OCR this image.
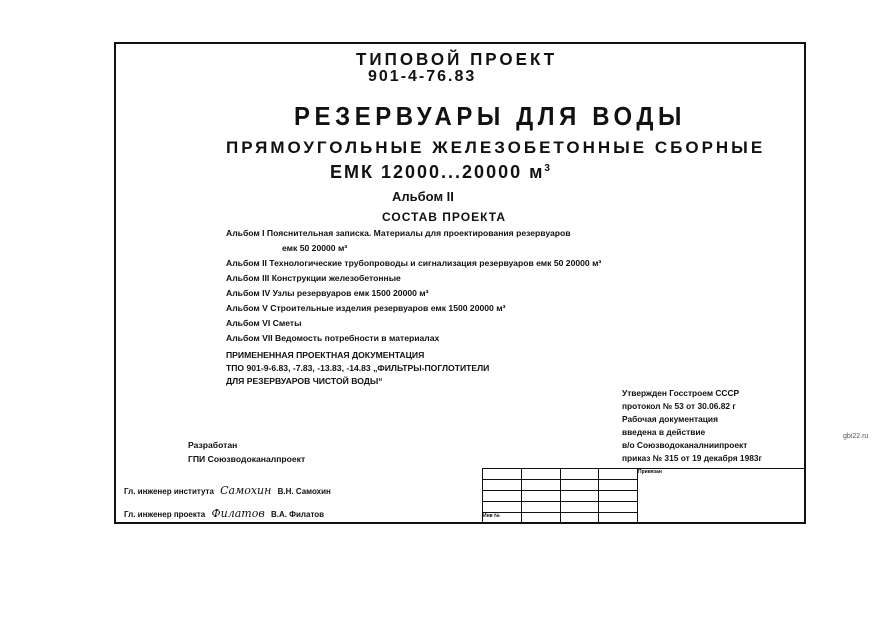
ТИПОВОЙ ПРОЕКТ
901-4-76.83
РЕЗЕРВУАРЫ ДЛЯ ВОДЫ
ПРЯМОУГОЛЬНЫЕ ЖЕЛЕЗОБЕТОННЫЕ СБОРНЫЕ
ЕМК 12000...20000 $м^3$
Альбом II
СОСТАВ ПРОЕКТА
Альбом I Пояснительная записка. Материалы для проектирования резервуаров
емк 50 20000 м³
Альбом II Технологические трубопроводы и сигнализация резервуаров емк 50 20000 м³
Альбом III Конструкции железобетонные
Альбом IV Узлы резервуаров емк 1500 20000 м³
Альбом V Строительные изделия резервуаров емк 1500 20000 м³
Альбом VI Сметы
Альбом VII Ведомость потребности в материалах
ПРИМЕНЕННАЯ ПРОЕКТНАЯ ДОКУМЕНТАЦИЯ
ТПО 901-9-6.83, -7.83, -13.83, -14.83 „ФИЛЬТРЫ-ПОГЛОТИТЕЛИ
ДЛЯ РЕЗЕРВУАРОВ ЧИСТОЙ ВОДЫ“
Утвержден Госстроем СССР
протокол № 53 от 30.06.82 г
Рабочая документация
введена в действие
в/о Союзводоканалниипроект
приказ № 315 от 19 декабря 1983г
Разработан
ГПИ Союзводоканалпроект
Гл. инженер института Самохин В.Н. Самохин
Гл. инженер проекта Филатов В.А. Филатов
				Привязан

Инв №				
gbi22.ru
